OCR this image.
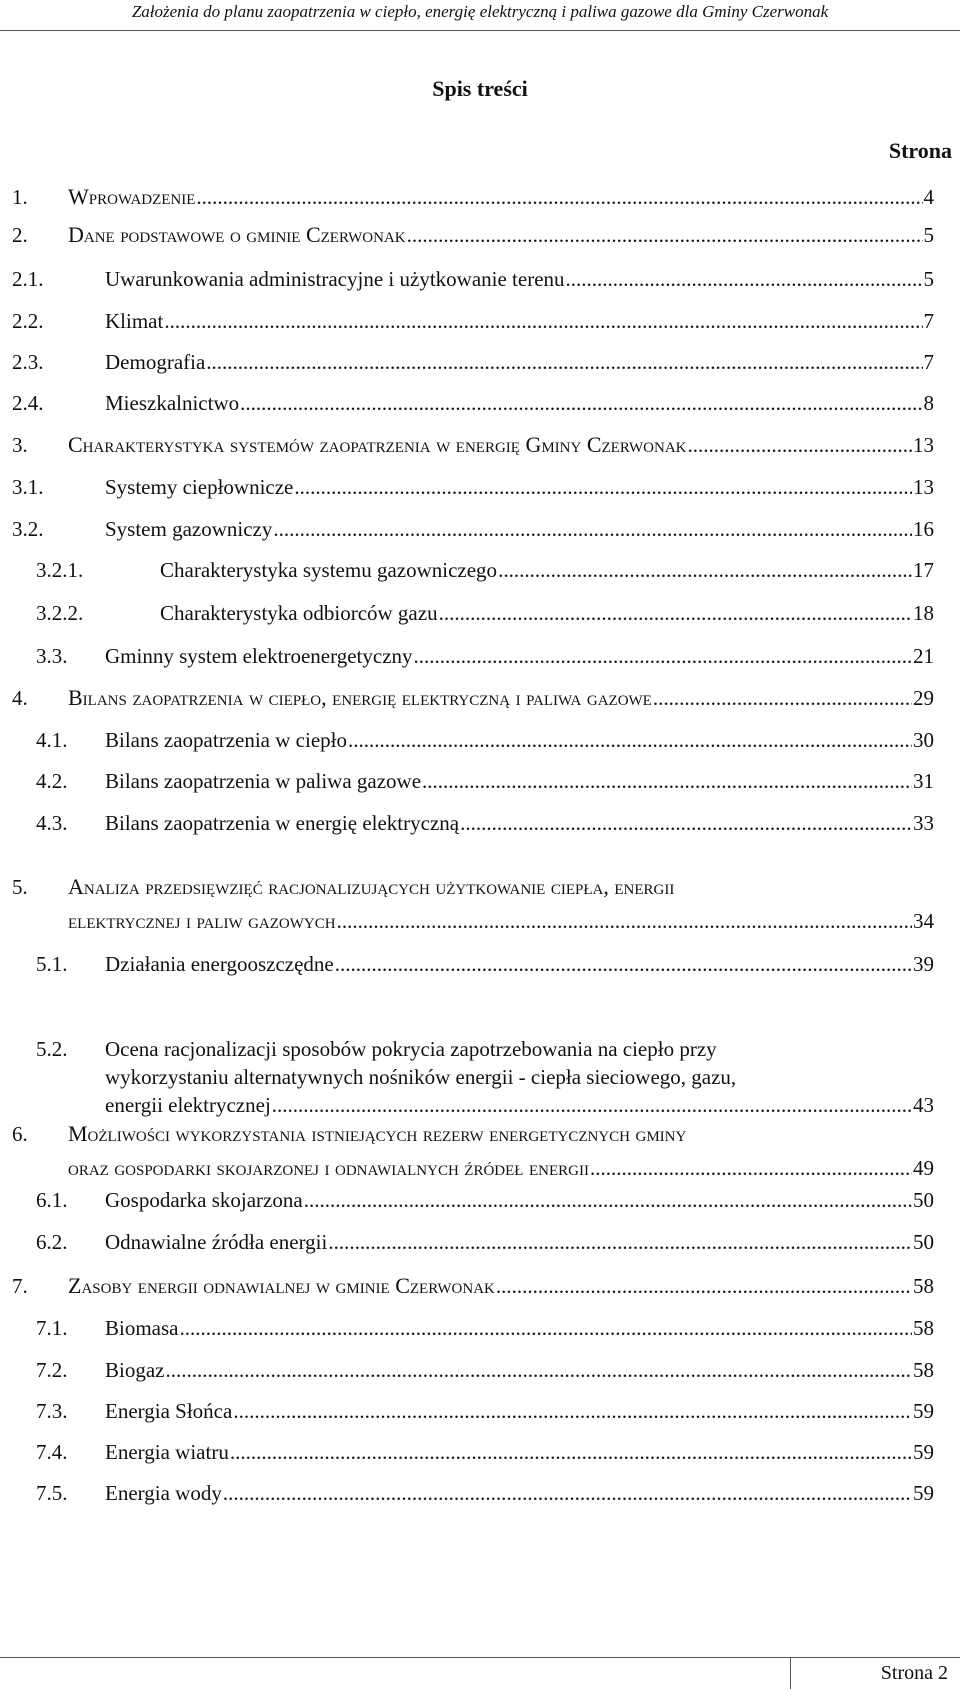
Założenia do planu zaopatrzenia w ciepło, energię elektryczną i paliwa gazowe dla Gminy Czerwonak
Spis treści
Strona
1. Wprowadzenie .....	4
2. Dane podstawowe o gminie Czerwonak .....	5
2.1.	Uwarunkowania administracyjne i użytkowanie terenu .....	5
2.2.	Klimat .....	7
2.3.	Demografia .....	7
2.4.	Mieszkalnictwo .....	8
3. Charakterystyka systemów zaopatrzenia w energię Gminy Czerwonak .....	13
3.1.	Systemy ciepłownicze .....	13
3.2.	System gazowniczy .....	16
3.2.1.	Charakterystyka systemu gazowniczego .....	17
3.2.2.	Charakterystyka odbiorców gazu .....	18
3.3. Gminny system elektroenergetyczny .....	21
4. Bilans zaopatrzenia w ciepło, energię elektryczną i paliwa gazowe .....	29
4.1. Bilans zaopatrzenia w ciepło .....	30
4.2. Bilans zaopatrzenia w paliwa gazowe .....	31
4.3. Bilans zaopatrzenia w energię elektryczną .....	33
5. Analiza przedsięwzięć racjonalizujących użytkowanie ciepła, energii
elektrycznej i paliw gazowych .....	34
5.1. Działania energooszczędne .....	39
5.2. Ocena racjonalizacji sposobów pokrycia zapotrzebowania na ciepło przy
wykorzystaniu alternatywnych nośników energii - ciepła sieciowego, gazu,
energii elektrycznej .....	43
6. Możliwości wykorzystania istniejących rezerw energetycznych gminy
oraz gospodarki skojarzonej i odnawialnych źródeł energii .....	49
6.1. Gospodarka skojarzona .....	50
6.2. Odnawialne źródła energii .....	50
7. Zasoby energii odnawialnej w gminie Czerwonak .....	58
7.1. Biomasa .....	58
7.2. Biogaz .....	58
7.3. Energia Słońca .....	59
7.4. Energia wiatru .....	59
7.5. Energia wody .....	59
Strona 2
